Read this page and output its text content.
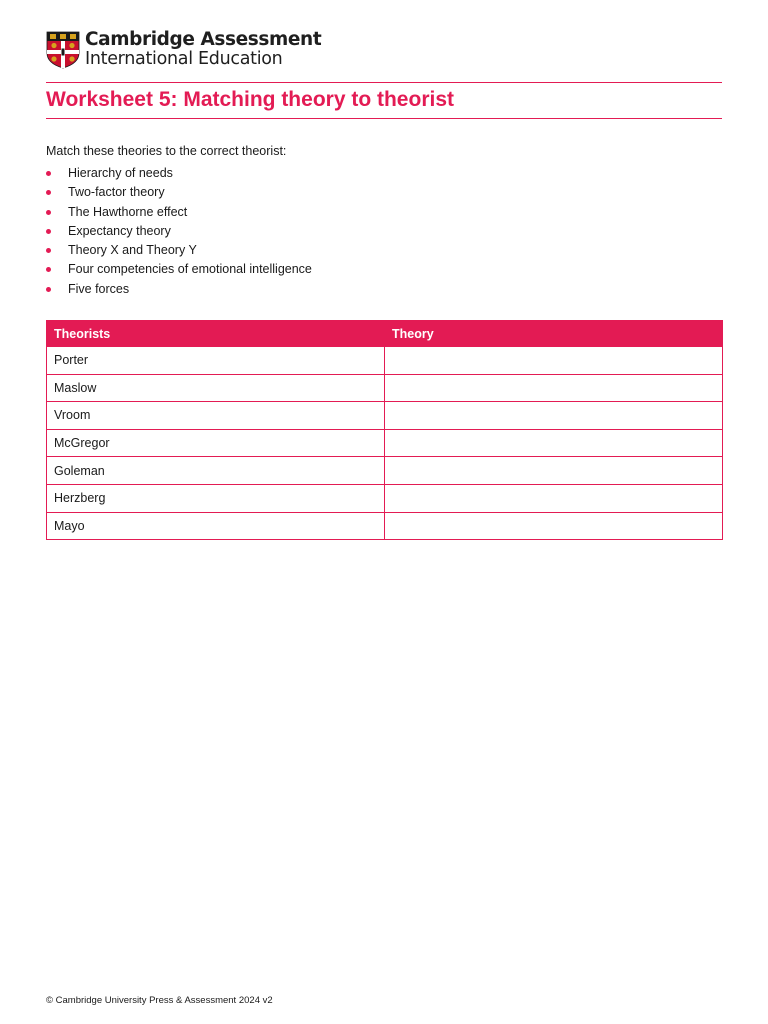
Cambridge Assessment
International Education
Worksheet 5: Matching theory to theorist

Match these theories to the correct theorist:

Hierarchy of needs
Two-factor theory
The Hawthorne effect
Expectancy theory
Theory X and Theory Y
Four competencies of emotional intelligence
Five forces
Theorists	Theory
Porter	
Maslow	
Vroom	
McGregor	
Goleman	
Herzberg	
Mayo	

© Cambridge University Press & Assessment 2024 v2
